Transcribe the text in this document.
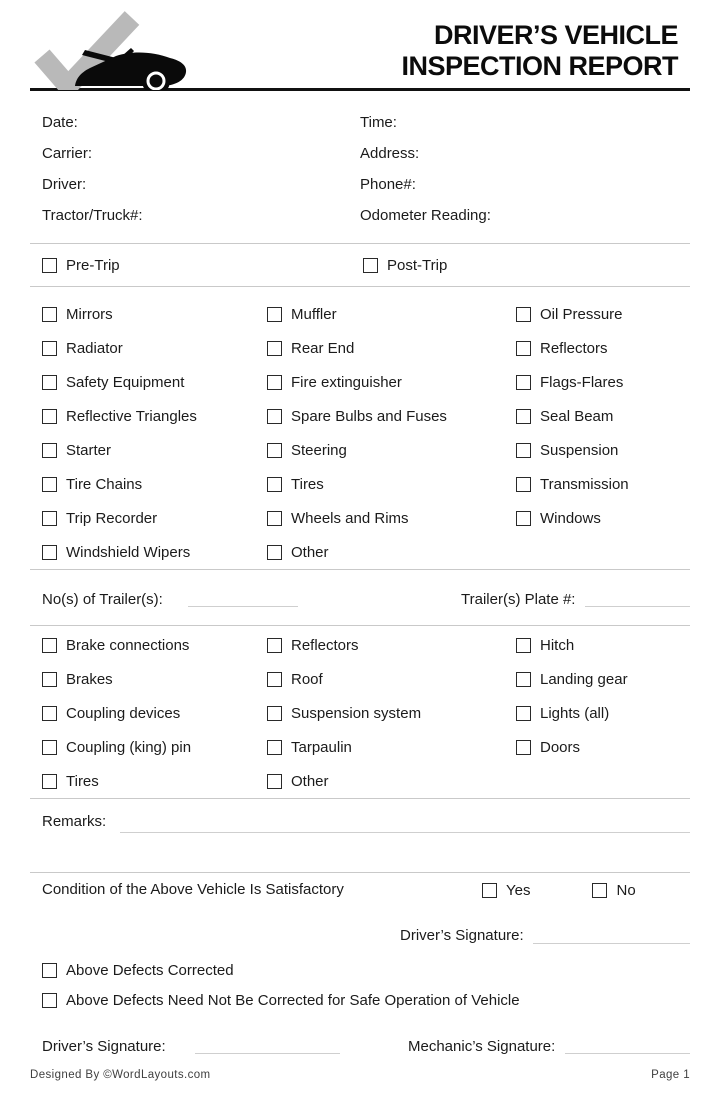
DRIVER’S VEHICLE
INSPECTION REPORT
Date:	Time:
Carrier:	Address:
Driver:	Phone#:
Tractor/Truck#:	Odometer Reading:
Pre-Trip	Post-Trip
Mirrors	Muffler	Oil Pressure
Radiator	Rear End	Reflectors
Safety Equipment	Fire extinguisher	Flags-Flares
Reflective Triangles	Spare Bulbs and Fuses	Seal Beam
Starter	Steering	Suspension
Tire Chains	Tires	Transmission
Trip Recorder	Wheels and Rims	Windows
Windshield Wipers	Other
No(s) of Trailer(s):	Trailer(s) Plate #:
Brake connections	Reflectors	Hitch
Brakes	Roof	Landing gear
Coupling devices	Suspension system	Lights (all)
Coupling (king) pin	Tarpaulin	Doors
Tires	Other
Remarks:
Condition of the Above Vehicle Is Satisfactory	Yes	No
Driver’s Signature:
Above Defects Corrected
Above Defects Need Not Be Corrected for Safe Operation of Vehicle
Driver’s Signature:	Mechanic’s Signature:
Designed By ©WordLayouts.com	Page 1
